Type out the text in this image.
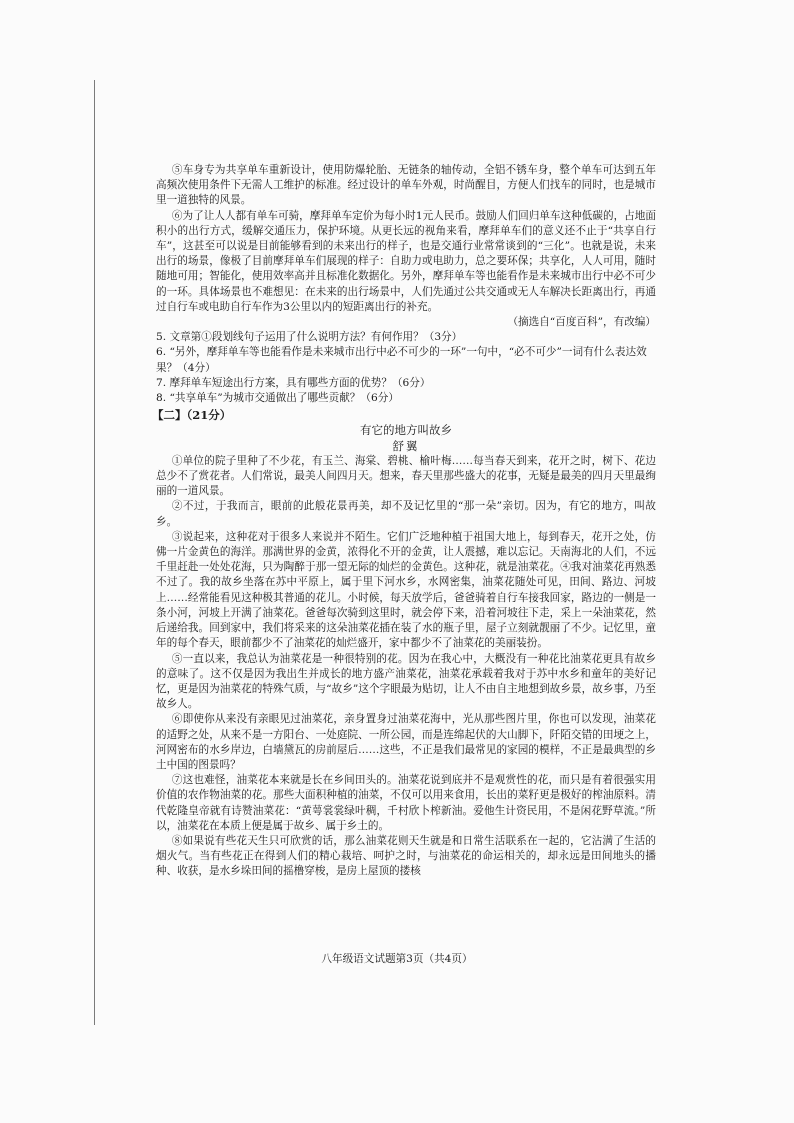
⑤车身专为共享单车重新设计，使用防爆轮胎、无链条的轴传动，全铝不锈车身，整个单车可达到五年高频次使用条件下无需人工维护的标准。经过设计的单车外观，时尚醒目，方便人们找车的同时，也是城市里一道独特的风景。

⑥为了让人人都有单车可骑，摩拜单车定价为每小时1元人民币。鼓励人们回归单车这种低碳的，占地面积小的出行方式，缓解交通压力，保护环境。从更长远的视角来看，摩拜单车们的意义还不止于“共享自行车”，这甚至可以说是目前能够看到的未来出行的样子，也是交通行业常常谈到的“三化”。也就是说，未来出行的场景，像极了目前摩拜单车们展现的样子：自助力或电助力，总之要环保；共享化，人人可用，随时随地可用；智能化，使用效率高并且标准化数据化。另外，摩拜单车等也能看作是未来城市出行中必不可少的一环。具体场景也不难想见：在未来的出行场景中，人们先通过公共交通或无人车解决长距离出行，再通过自行车或电助自行车作为3公里以内的短距离出行的补充。

（摘选自“百度百科”，有改编）

5. 文章第①段划线句子运用了什么说明方法？有何作用？（3分）

6. “另外，摩拜单车等也能看作是未来城市出行中必不可少的一环”一句中，“必不可少”一词有什么表达效果？（4分）

7. 摩拜单车短途出行方案，具有哪些方面的优势？（6分）

8. “共享单车”为城市交通做出了哪些贡献？（6分）

【二】（21分）

有它的地方叫故乡

舒翼

①单位的院子里种了不少花，有玉兰、海棠、碧桃、榆叶梅……每当春天到来，花开之时，树下、花边总少不了赏花者。人们常说，最美人间四月天。想来，春天里那些盛大的花事，无疑是最美的四月天里最绚丽的一道风景。

②不过，于我而言，眼前的此般花景再美，却不及记忆里的“那一朵”亲切。因为，有它的地方，叫故乡。

③说起来，这种花对于很多人来说并不陌生。它们广泛地种植于祖国大地上，每到春天，花开之处，仿佛一片金黄色的海洋。那满世界的金黄，浓得化不开的金黄，让人震撼，难以忘记。天南海北的人们，不远千里赶赴一处处花海，只为陶醉于那一望无际的灿烂的金黄色。这种花，就是油菜花。④我对油菜花再熟悉不过了。我的故乡坐落在苏中平原上，属于里下河水乡，水网密集，油菜花随处可见，田间、路边、河坡上……经常能看见这种极其普通的花儿。小时候，每天放学后，爸爸骑着自行车接我回家，路边的一侧是一条小河，河坡上开满了油菜花。爸爸每次骑到这里时，就会停下来，沿着河坡往下走，采上一朵油菜花，然后递给我。回到家中，我们将采来的这朵油菜花插在装了水的瓶子里，屋子立刻就靓丽了不少。记忆里，童年的每个春天，眼前都少不了油菜花的灿烂盛开，家中都少不了油菜花的美丽装扮。

⑤一直以来，我总认为油菜花是一种很特别的花。因为在我心中，大概没有一种花比油菜花更具有故乡的意味了。这不仅是因为我出生并成长的地方盛产油菜花，油菜花承载着我对于苏中水乡和童年的美好记忆，更是因为油菜花的特殊气质，与“故乡”这个字眼最为贴切，让人不由自主地想到故乡景，故乡事，乃至故乡人。

⑥即使你从来没有亲眼见过油菜花，亲身置身过油菜花海中，光从那些图片里，你也可以发现，油菜花的适野之处，从来不是一方阳台、一处庭院、一所公园，而是连绵起伏的大山脚下，阡陌交错的田埂之上，河网密布的水乡岸边，白墙黛瓦的房前屋后……这些，不正是我们最常见的家园的模样，不正是最典型的乡土中国的图景吗？

⑦这也难怪，油菜花本来就是长在乡间田头的。油菜花说到底并不是观赏性的花，而只是有着很强实用价值的农作物油菜的花。那些大面积种植的油菜，不仅可以用来食用，长出的菜籽更是极好的榨油原料。清代乾隆皇帝就有诗赞油菜花：“黄萼裳裳绿叶稠，千村欣卜榨新油。爱他生计资民用，不是闲花野草流。”所以，油菜花在本质上便是属于故乡、属于乡土的。

⑧如果说有些花天生只可欣赏的话，那么油菜花则天生就是和日常生活联系在一起的，它沾满了生活的烟火气。当有些花正在得到人们的精心栽培、呵护之时，与油菜花的命运相关的，却永远是田间地头的播种、收获，是水乡垛田间的摇橹穿梭，是房上屋顶的搂核

八年级语文试题第3页（共4页）
